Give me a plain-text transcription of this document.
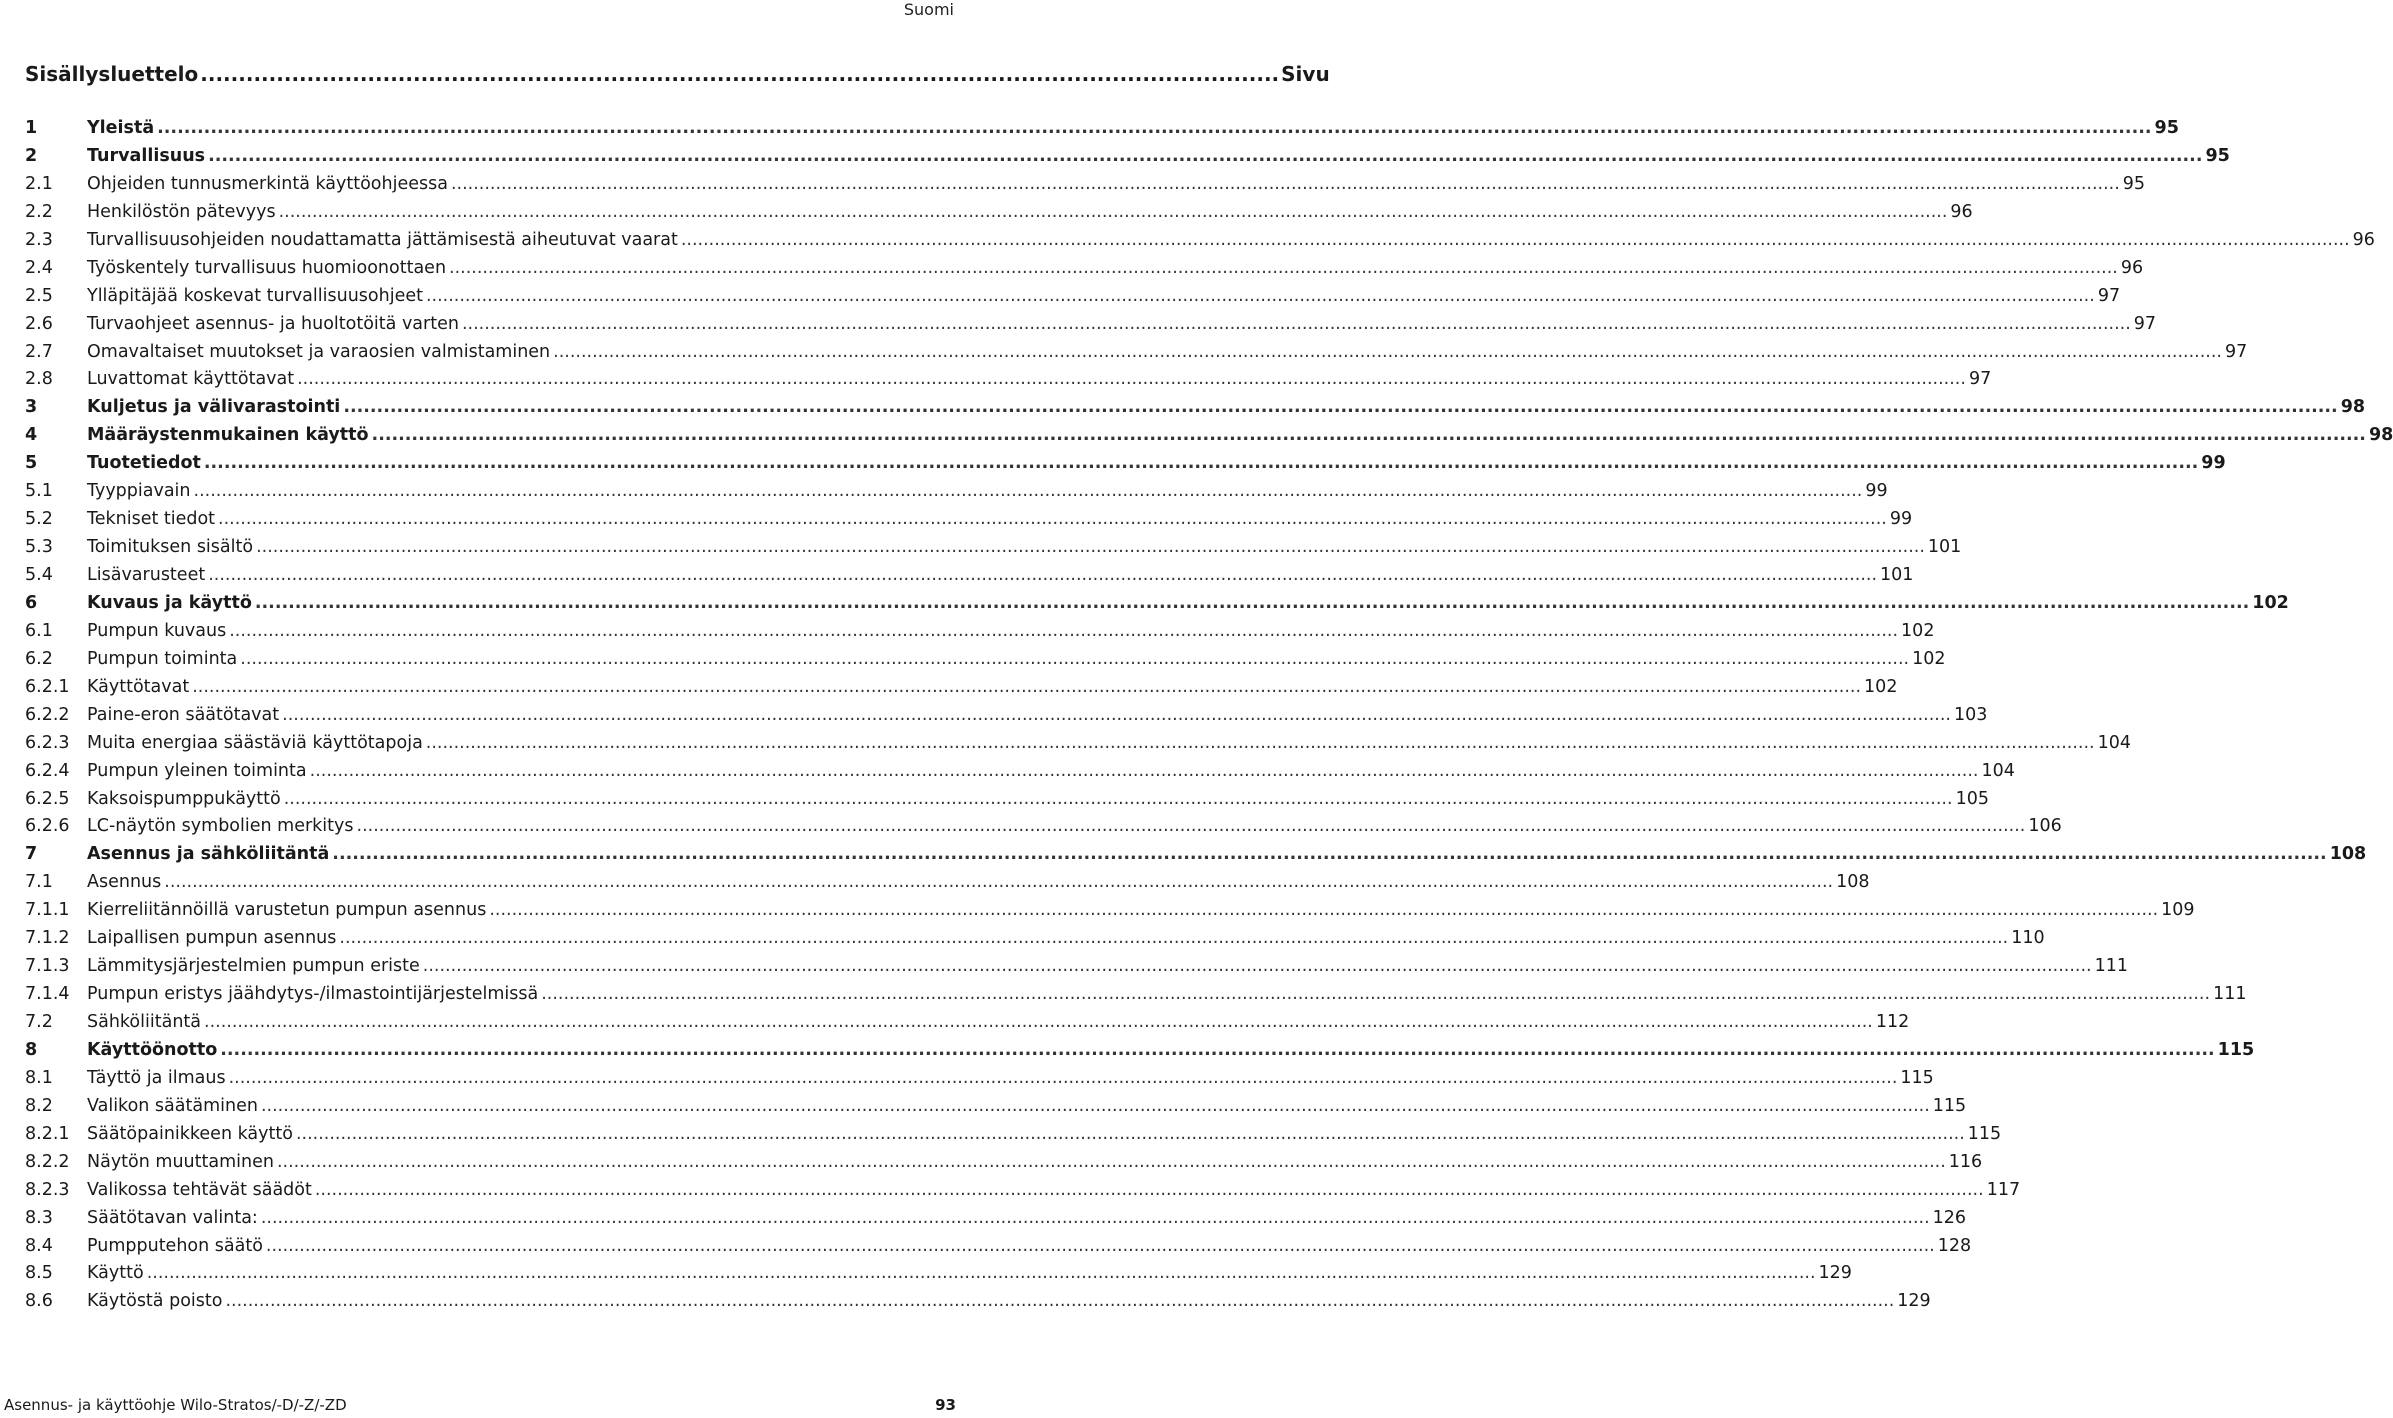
Suomi
Sisällysluettelo .............................................................................................................................................. Sivu
1	Yleistä ............................................................................................................................................................................................................................................................................................................ 95
2	Turvallisuus ............................................................................................................................................................................................................................................................................................................ 95
2.1	Ohjeiden tunnusmerkintä käyttöohjeessa ............................................................................................................................................................................................................................................................................................................ 95
2.2	Henkilöstön pätevyys ............................................................................................................................................................................................................................................................................................................ 96
2.3	Turvallisuusohjeiden noudattamatta jättämisestä aiheutuvat vaarat ............................................................................................................................................................................................................................................................................................................ 96
2.4	Työskentely turvallisuus huomioonottaen ............................................................................................................................................................................................................................................................................................................ 96
2.5	Ylläpitäjää koskevat turvallisuusohjeet ............................................................................................................................................................................................................................................................................................................ 97
2.6	Turvaohjeet asennus- ja huoltotöitä varten ............................................................................................................................................................................................................................................................................................................ 97
2.7	Omavaltaiset muutokset ja varaosien valmistaminen ............................................................................................................................................................................................................................................................................................................ 97
2.8	Luvattomat käyttötavat ............................................................................................................................................................................................................................................................................................................ 97
3	Kuljetus ja välivarastointi ............................................................................................................................................................................................................................................................................................................ 98
4	Määräystenmukainen käyttö ............................................................................................................................................................................................................................................................................................................ 98
5	Tuotetiedot ............................................................................................................................................................................................................................................................................................................ 99
5.1	Tyyppiavain ............................................................................................................................................................................................................................................................................................................ 99
5.2	Tekniset tiedot ............................................................................................................................................................................................................................................................................................................ 99
5.3	Toimituksen sisältö ............................................................................................................................................................................................................................................................................................................ 101
5.4	Lisävarusteet ............................................................................................................................................................................................................................................................................................................ 101
6	Kuvaus ja käyttö ............................................................................................................................................................................................................................................................................................................ 102
6.1	Pumpun kuvaus ............................................................................................................................................................................................................................................................................................................ 102
6.2	Pumpun toiminta ............................................................................................................................................................................................................................................................................................................ 102
6.2.1 Käyttötavat ............................................................................................................................................................................................................................................................................................................ 102
6.2.2 Paine-eron säätötavat ............................................................................................................................................................................................................................................................................................................ 103
6.2.3 Muita energiaa säästäviä käyttötapoja ............................................................................................................................................................................................................................................................................................................ 104
6.2.4 Pumpun yleinen toiminta ............................................................................................................................................................................................................................................................................................................ 104
6.2.5 Kaksoispumppukäyttö ............................................................................................................................................................................................................................................................................................................ 105
6.2.6 LC-näytön symbolien merkitys ............................................................................................................................................................................................................................................................................................................ 106
7	Asennus ja sähköliitäntä ............................................................................................................................................................................................................................................................................................................ 108
7.1	Asennus ............................................................................................................................................................................................................................................................................................................ 108
7.1.1 Kierreliitännöillä varustetun pumpun asennus ............................................................................................................................................................................................................................................................................................................ 109
7.1.2 Laipallisen pumpun asennus ............................................................................................................................................................................................................................................................................................................ 110
7.1.3 Lämmitysjärjestelmien pumpun eriste ............................................................................................................................................................................................................................................................................................................ 111
7.1.4 Pumpun eristys jäähdytys-/ilmastointijärjestelmissä ............................................................................................................................................................................................................................................................................................................ 111
7.2	Sähköliitäntä ............................................................................................................................................................................................................................................................................................................ 112
8	Käyttöönotto ............................................................................................................................................................................................................................................................................................................ 115
8.1	Täyttö ja ilmaus ............................................................................................................................................................................................................................................................................................................ 115
8.2	Valikon säätäminen ............................................................................................................................................................................................................................................................................................................ 115
8.2.1 Säätöpainikkeen käyttö ............................................................................................................................................................................................................................................................................................................ 115
8.2.2 Näytön muuttaminen ............................................................................................................................................................................................................................................................................................................ 116
8.2.3 Valikossa tehtävät säädöt ............................................................................................................................................................................................................................................................................................................ 117
8.3	Säätötavan valinta: ............................................................................................................................................................................................................................................................................................................ 126
8.4	Pumpputehon säätö ............................................................................................................................................................................................................................................................................................................ 128
8.5	Käyttö ............................................................................................................................................................................................................................................................................................................ 129
8.6	Käytöstä poisto ............................................................................................................................................................................................................................................................................................................ 129
Asennus- ja käyttöohje Wilo-Stratos/-D/-Z/-ZD	93
